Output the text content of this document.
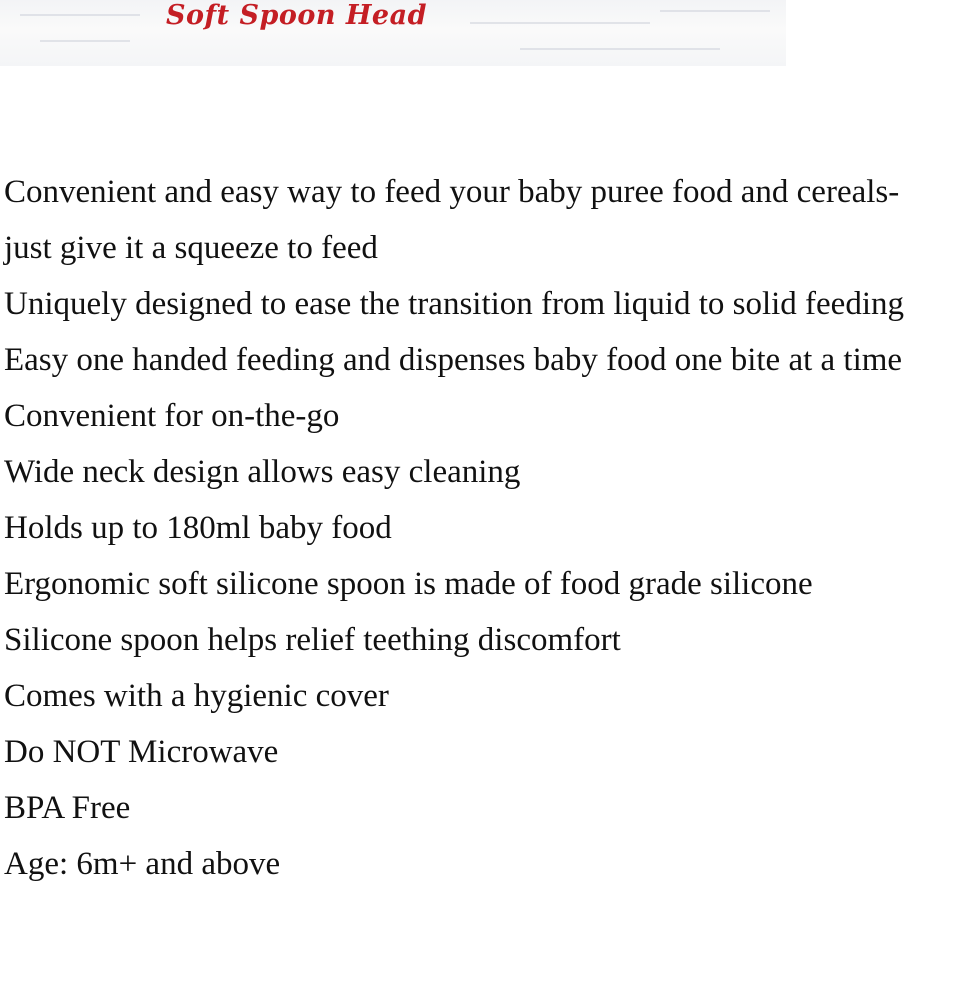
Soft Spoon Head
Convenient and easy way to feed your baby puree food and cereals- just give it a squeeze to feed
Uniquely designed to ease the transition from liquid to solid feeding
Easy one handed feeding and dispenses baby food one bite at a time
Convenient for on-the-go
Wide neck design allows easy cleaning
Holds up to 180ml baby food
Ergonomic soft silicone spoon is made of food grade silicone
Silicone spoon helps relief teething discomfort
Comes with a hygienic cover
Do NOT Microwave
BPA Free
Age: 6m+ and above
